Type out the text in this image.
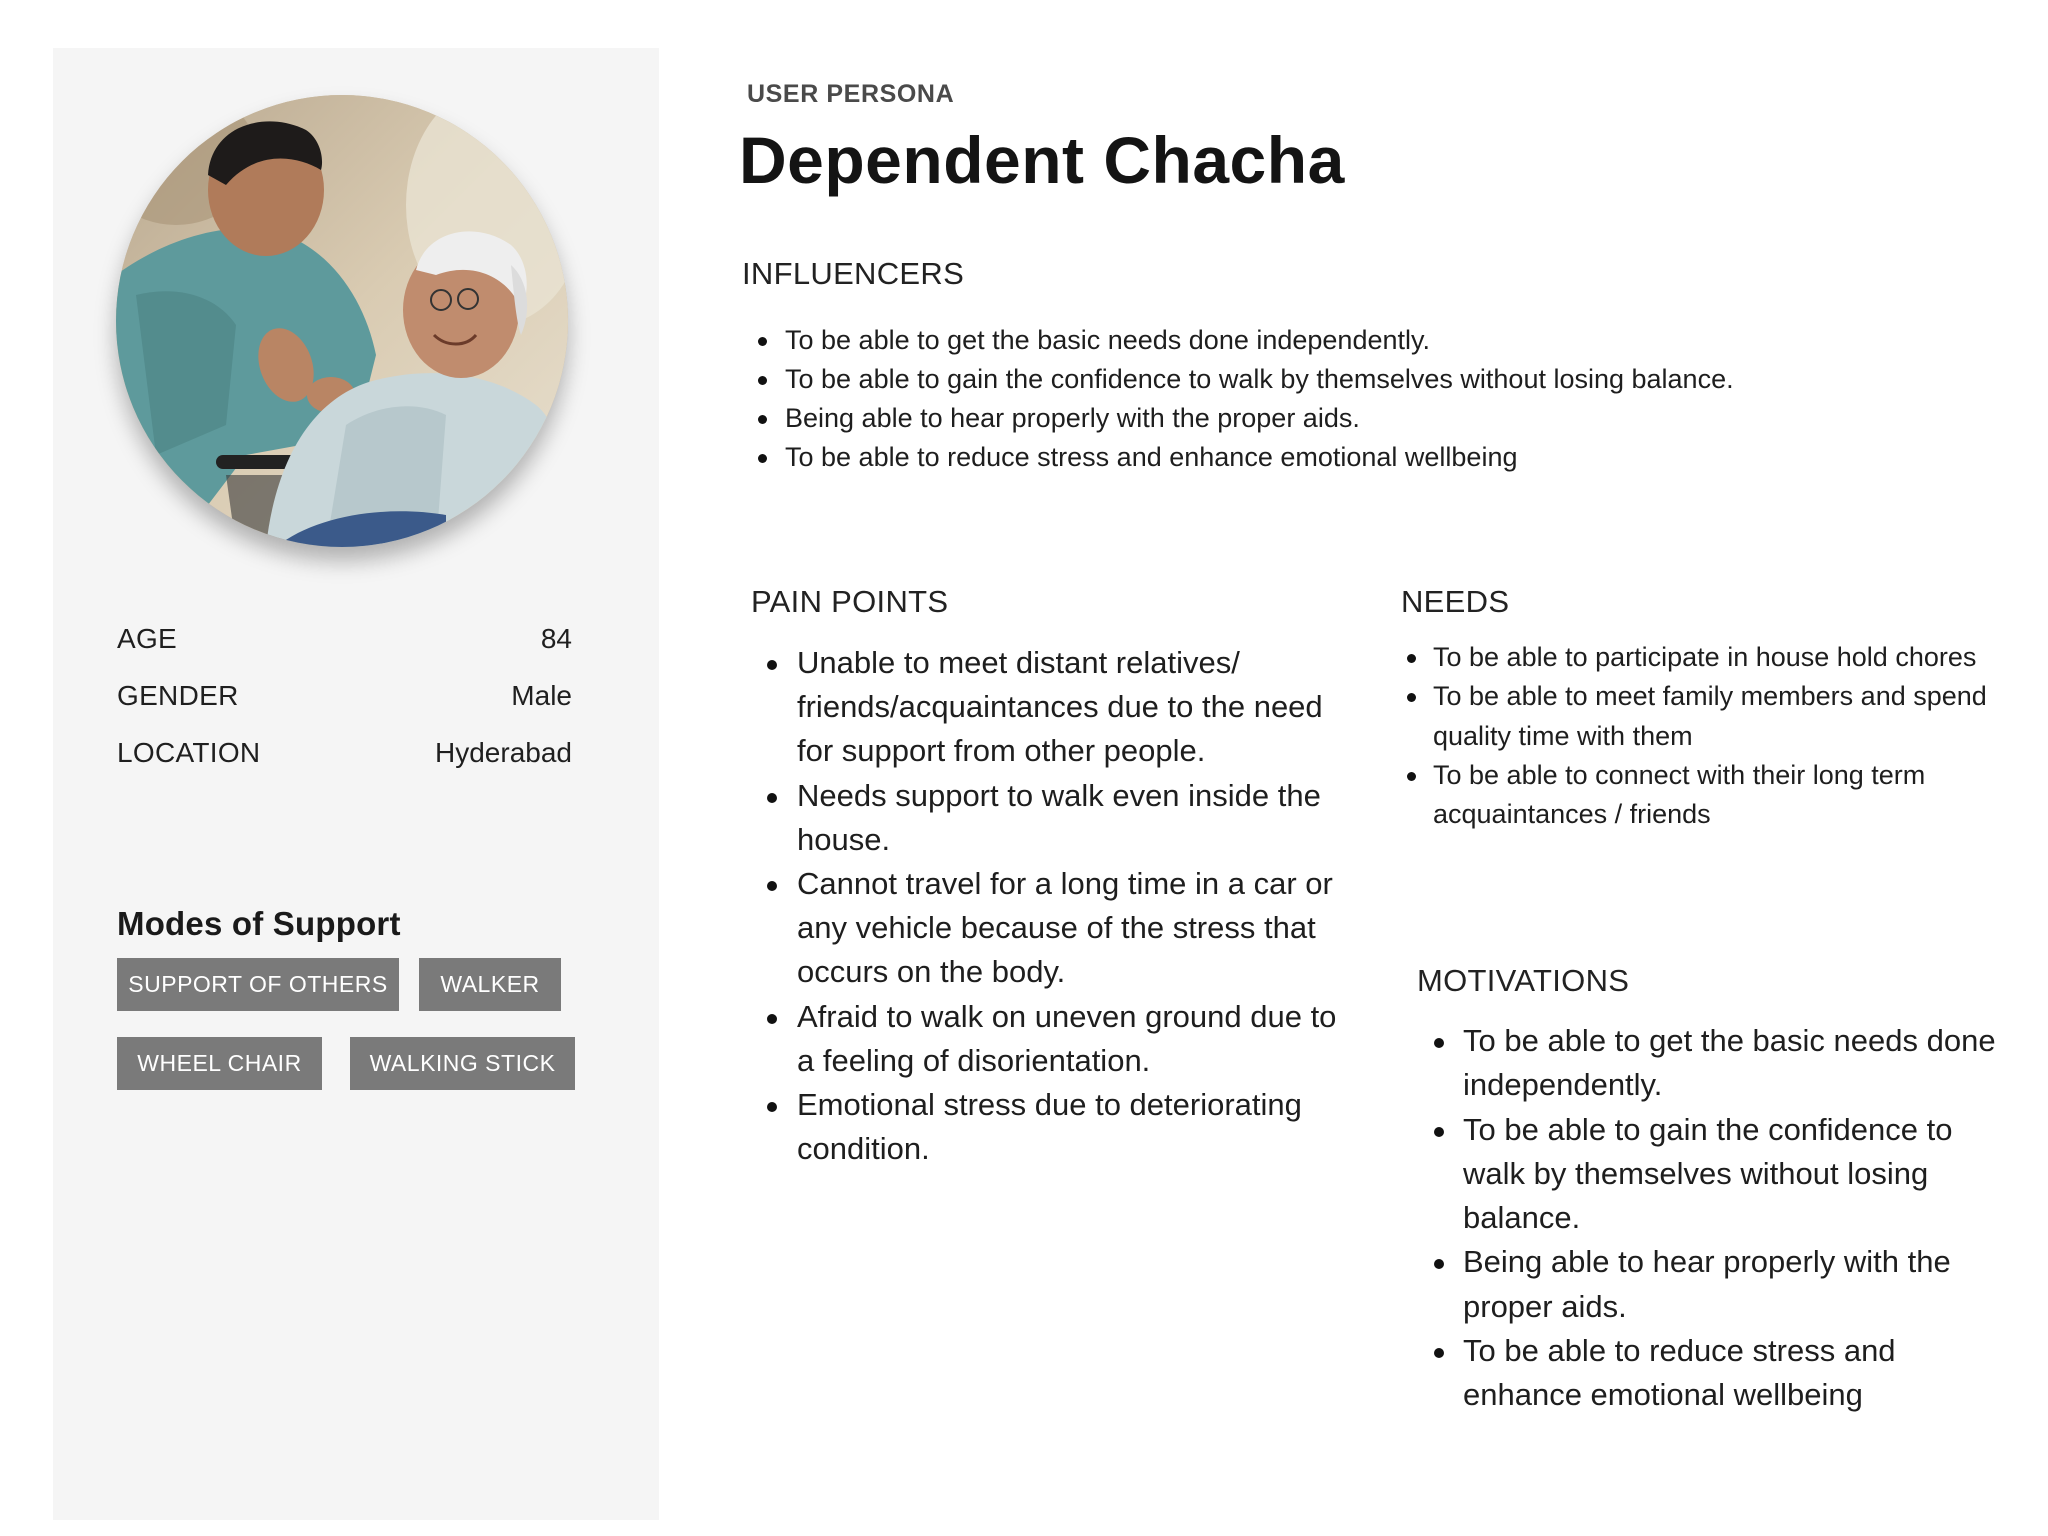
AGE	84
GENDER	Male
LOCATION	Hyderabad
Modes of Support
SUPPORT OF OTHERS	WALKER
WHEEL CHAIR	WALKING STICK
USER PERSONA
Dependent Chacha
INFLUENCERS
To be able to get the basic needs done independently.
To be able to gain the confidence to walk by themselves without losing balance.
Being able to hear properly with the proper aids.
To be able to reduce stress and enhance emotional wellbeing
PAIN POINTS
Unable to meet distant relatives/ friends/acquaintances due to the need for support from other people.
Needs support to walk even inside the house.
Cannot travel for a long time in a car or any vehicle because of the stress that occurs on the body.
Afraid to walk on uneven ground due to a feeling of disorientation.
Emotional stress due to deteriorating condition.
NEEDS
To be able to participate in house hold chores
To be able to meet family members and spend quality time with them
To be able to connect with their long term acquaintances / friends
MOTIVATIONS
To be able to get the basic needs done independently.
To be able to gain the confidence to walk by themselves without losing balance.
Being able to hear properly with the proper aids.
To be able to reduce stress and enhance emotional wellbeing
